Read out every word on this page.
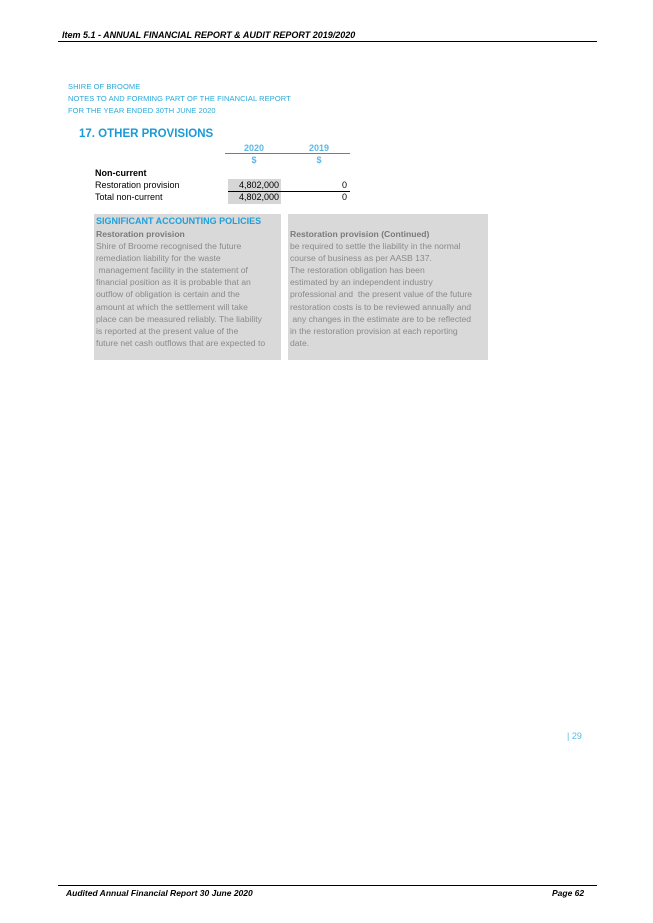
Item 5.1 - ANNUAL FINANCIAL REPORT & AUDIT REPORT 2019/2020
SHIRE OF BROOME
NOTES TO AND FORMING PART OF THE FINANCIAL REPORT
FOR THE YEAR ENDED 30TH JUNE 2020
17. OTHER PROVISIONS
2020	2019
$	$
Non-current
Restoration provision	4,802,000	0
Total non-current	4,802,000	0
SIGNIFICANT ACCOUNTING POLICIES
Restoration provision
Shire of Broome recognised the future
remediation liability for the waste
management facility in the statement of
financial position as it is probable that an
outflow of obligation is certain and the
amount at which the settlement will take
place can be measured reliably. The liability
is reported at the present value of the
future net cash outflows that are expected to
Restoration provision (Continued)
be required to settle the liability in the normal
course of business as per AASB 137.
The restoration obligation has been
estimated by an independent industry
professional and  the present value of the future
restoration costs is to be reviewed annually and
any changes in the estimate are to be reflected
in the restoration provision at each reporting
date.
| 29
Audited Annual Financial Report 30 June 2020	Page 62
